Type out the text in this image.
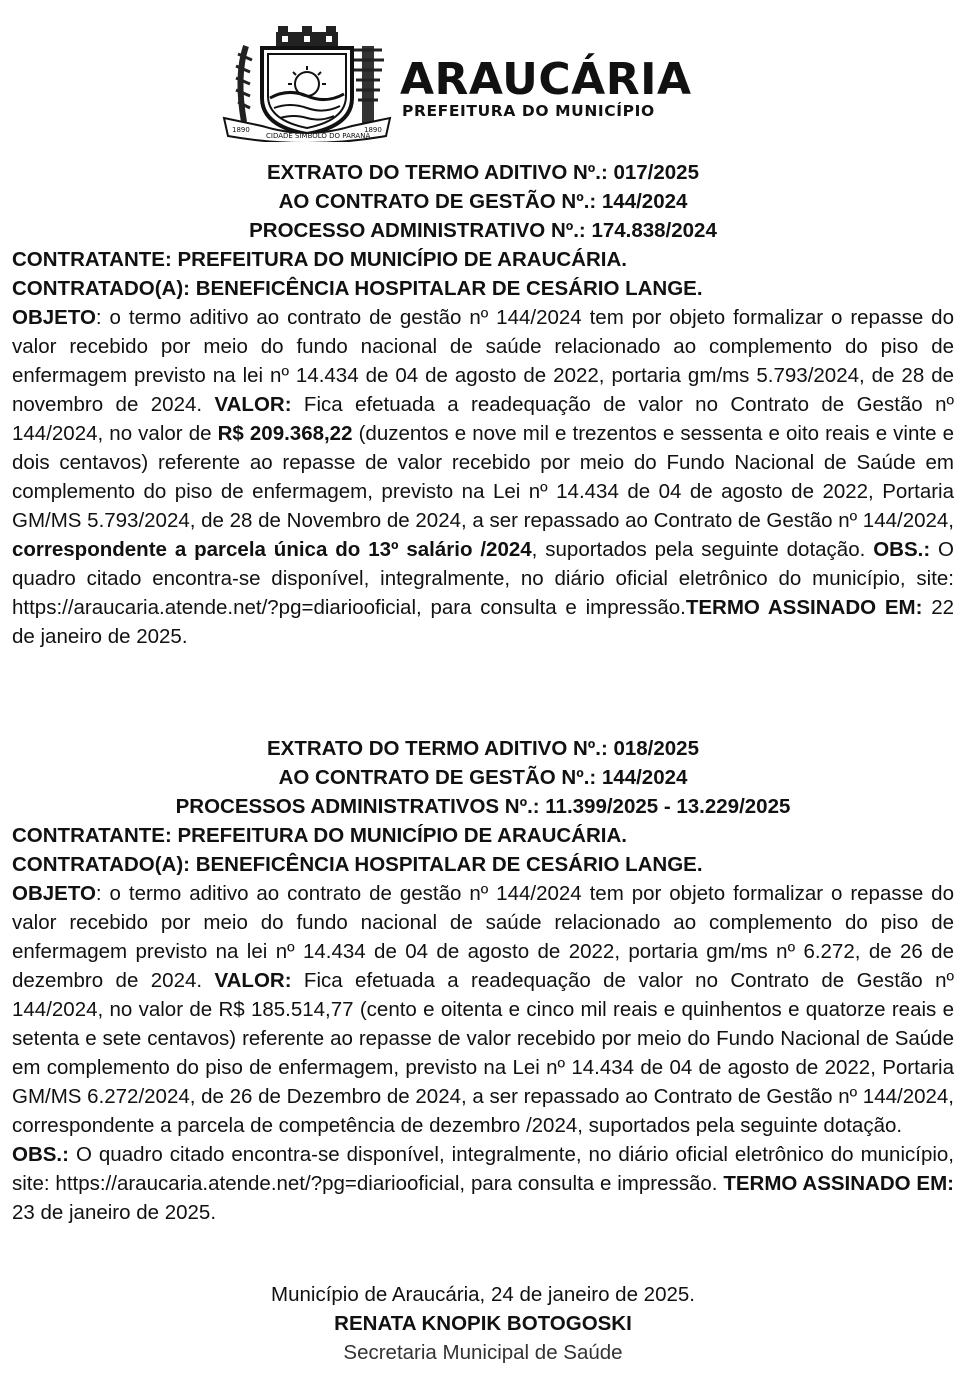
1890
CIDADE SÍMBOLO DO PARANÁ
1890
ARAUCÁRIA
PREFEITURA DO MUNICÍPIO

EXTRATO DO TERMO ADITIVO Nº.: 017/2025

AO CONTRATO DE GESTÃO Nº.: 144/2024

PROCESSO ADMINISTRATIVO Nº.: 174.838/2024

CONTRATANTE: PREFEITURA DO MUNICÍPIO DE ARAUCÁRIA.

CONTRATADO(A): BENEFICÊNCIA HOSPITALAR DE CESÁRIO LANGE.

OBJETO: o termo aditivo ao contrato de gestão nº 144/2024 tem por objeto formalizar o repasse do valor recebido por meio do fundo nacional de saúde relacionado ao complemento do piso de enfermagem previsto na lei nº 14.434 de 04 de agosto de 2022, portaria gm/ms 5.793/2024, de 28 de novembro de 2024. VALOR: Fica efetuada a readequação de valor no Contrato de Gestão nº 144/2024, no valor de R$ 209.368,22 (duzentos e nove mil e trezentos e sessenta e oito reais e vinte e dois centavos) referente ao repasse de valor recebido por meio do Fundo Nacional de Saúde em complemento do piso de enfermagem, previsto na Lei nº 14.434 de 04 de agosto de 2022, Portaria GM/MS 5.793/2024, de 28 de Novembro de 2024, a ser repassado ao Contrato de Gestão nº 144/2024, correspondente a parcela única do 13º salário /2024, suportados pela seguinte dotação. OBS.: O quadro citado encontra-se disponível, integralmente, no diário oficial eletrônico do município, site: https://araucaria.atende.net/?pg=diariooficial, para consulta e impressão.TERMO ASSINADO EM: 22 de janeiro de 2025.

EXTRATO DO TERMO ADITIVO Nº.: 018/2025

AO CONTRATO DE GESTÃO Nº.: 144/2024

PROCESSOS ADMINISTRATIVOS Nº.: 11.399/2025 - 13.229/2025

CONTRATANTE: PREFEITURA DO MUNICÍPIO DE ARAUCÁRIA.

CONTRATADO(A): BENEFICÊNCIA HOSPITALAR DE CESÁRIO LANGE.

OBJETO: o termo aditivo ao contrato de gestão nº 144/2024 tem por objeto formalizar o repasse do valor recebido por meio do fundo nacional de saúde relacionado ao complemento do piso de enfermagem previsto na lei nº 14.434 de 04 de agosto de 2022, portaria gm/ms nº 6.272, de 26 de dezembro de 2024. VALOR: Fica efetuada a readequação de valor no Contrato de Gestão nº 144/2024, no valor de R$ 185.514,77 (cento e oitenta e cinco mil reais e quinhentos e quatorze reais e setenta e sete centavos) referente ao repasse de valor recebido por meio do Fundo Nacional de Saúde em complemento do piso de enfermagem, previsto na Lei nº 14.434 de 04 de agosto de 2022, Portaria GM/MS 6.272/2024, de 26 de Dezembro de 2024, a ser repassado ao Contrato de Gestão nº 144/2024, correspondente a parcela de competência de dezembro /2024, suportados pela seguinte dotação.

OBS.: O quadro citado encontra-se disponível, integralmente, no diário oficial eletrônico do município, site: https://araucaria.atende.net/?pg=diariooficial, para consulta e impressão. TERMO ASSINADO EM: 23 de janeiro de 2025.

Município de Araucária, 24 de janeiro de 2025.

RENATA KNOPIK BOTOGOSKI

Secretaria Municipal de Saúde
